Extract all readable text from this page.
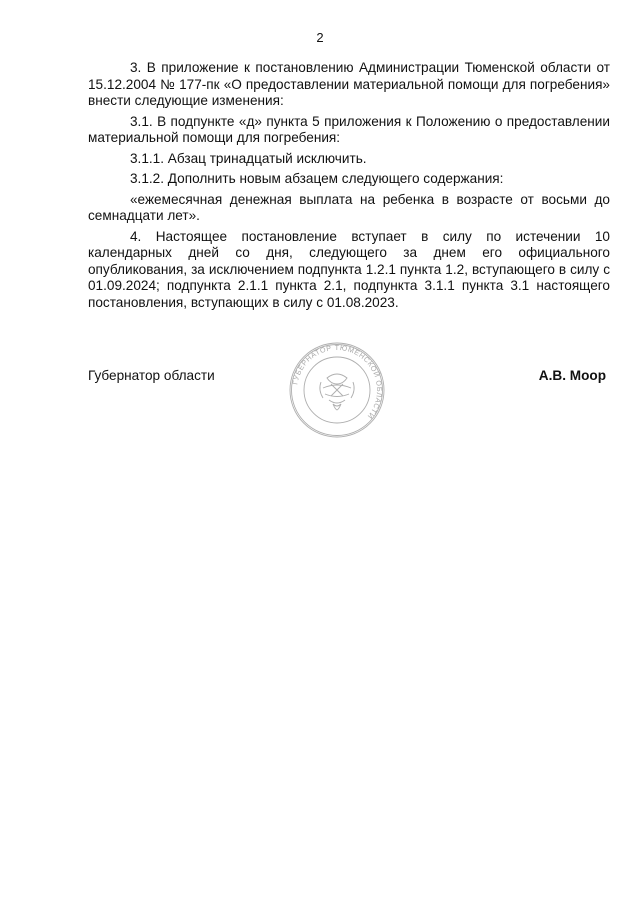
2

3. В приложение к постановлению Администрации Тюменской области от 15.12.2004 № 177-пк «О предоставлении материальной помощи для погребения» внести следующие изменения:

3.1. В подпункте «д» пункта 5 приложения к Положению о предоставлении материальной помощи для погребения:

3.1.1. Абзац тринадцатый исключить.

3.1.2. Дополнить новым абзацем следующего содержания:

«ежемесячная денежная выплата на ребенка в возрасте от восьми до семнадцати лет».

4. Настоящее постановление вступает в силу по истечении 10 календарных дней со дня, следующего за днем его официального опубликования, за исключением подпункта 1.2.1 пункта 1.2, вступающего в силу с 01.09.2024; подпункта 2.1.1 пункта 2.1, подпункта 3.1.1 пункта 3.1 настоящего постановления, вступающих в силу с 01.08.2023.

Губернатор области	А.В. Моор
ГУБЕРНАТОР ТЮМЕНСКОЙ ОБЛАСТИ
